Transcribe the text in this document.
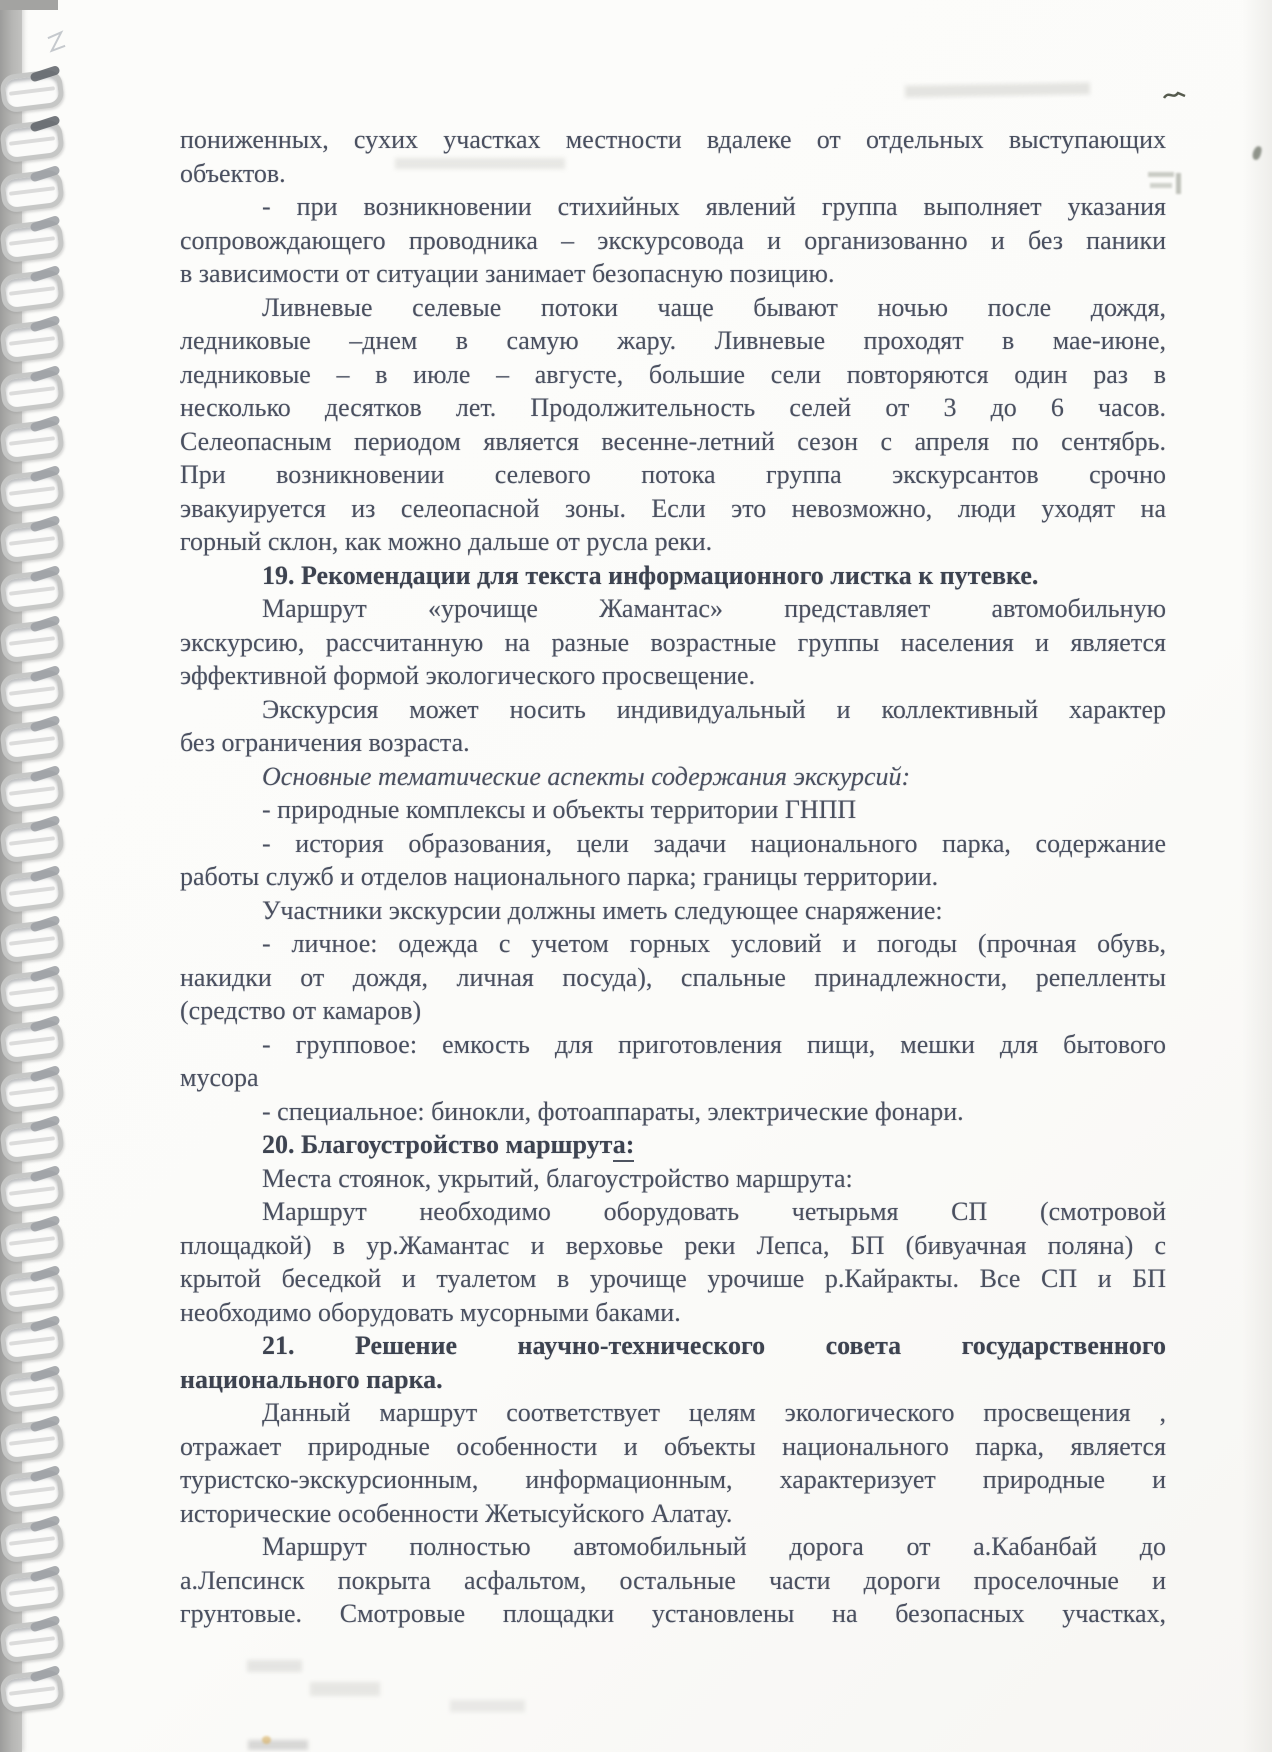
пониженных, сухих участках местности вдалеке от отдельных выступающих
объектов.
- при возникновении стихийных явлений группа выполняет указания
сопровождающего проводника – экскурсовода и организованно и без паники
в зависимости от ситуации занимает безопасную позицию.
Ливневые селевые потоки чаще бывают ночью после дождя,
ледниковые –днем в самую жару. Ливневые проходят в мае-июне,
ледниковые – в июле – августе, большие сели повторяются один раз в
несколько десятков лет. Продолжительность селей от 3 до 6 часов.
Селеопасным периодом является весенне-летний сезон с апреля по сентябрь.
При возникновении селевого потока группа экскурсантов срочно
эвакуируется из селеопасной зоны. Если это невозможно, люди уходят на
горный склон, как можно дальше от русла реки.
19. Рекомендации для текста информационного листка к путевке.
Маршрут «урочище Жамантас» представляет автомобильную
экскурсию, рассчитанную на разные возрастные группы населения и является
эффективной формой экологического просвещение.
Экскурсия может носить индивидуальный и коллективный характер
без ограничения возраста.
Основные тематические аспекты содержания экскурсий:
- природные комплексы и объекты территории ГНПП
- история образования, цели задачи национального парка, содержание
работы служб и отделов национального парка; границы территории.
Участники экскурсии должны иметь следующее снаряжение:
- личное: одежда с учетом горных условий и погоды (прочная обувь,
накидки от дождя, личная посуда), спальные принадлежности, репелленты
(средство от камаров)
- групповое: емкость для приготовления пищи, мешки для бытового
мусора
- специальное: бинокли, фотоаппараты, электрические фонари.
20. Благоустройство маршрута:
Места стоянок, укрытий, благоустройство маршрута:
Маршрут необходимо оборудовать четырьмя СП (смотровой
площадкой) в ур.Жамантас и верховье реки Лепса, БП (бивуачная поляна) с
крытой беседкой и туалетом в урочище урочише р.Кайракты. Все СП и БП
необходимо оборудовать мусорными баками.
21. Решение научно-технического совета государственного
национального парка.
Данный маршрут соответствует целям экологического просвещения ,
отражает природные особенности и объекты национального парка, является
туристско-экскурсионным, информационным, характеризует природные и
исторические особенности Жетысуйского Алатау.
Маршрут полностью автомобильный дорога от а.Кабанбай до
а.Лепсинск покрыта асфальтом, остальные части дороги проселочные и
грунтовые. Смотровые площадки установлены на безопасных участках,
